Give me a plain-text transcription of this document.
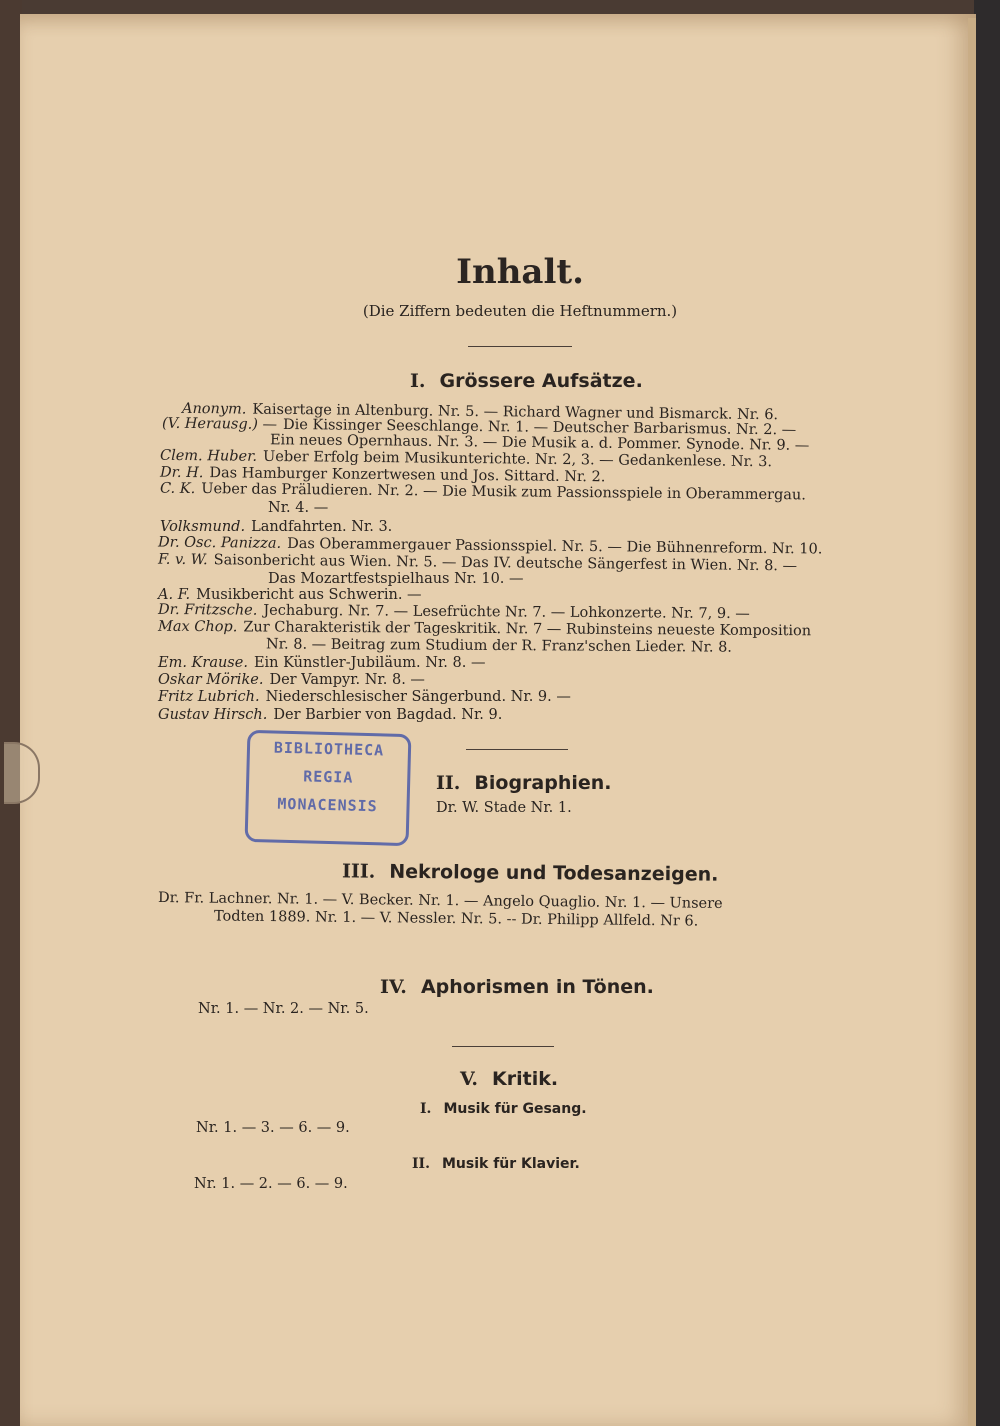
Inhalt.
(Die Ziffern bedeuten die Heftnummern.)
I. Grössere Aufsätze.
Anonym. Kaisertage in Altenburg. Nr. 5. — Richard Wagner und Bismarck. Nr. 6.
(V. Herausg.) — Die Kissinger Seeschlange. Nr. 1. — Deutscher Barbarismus. Nr. 2. —
Ein neues Opernhaus. Nr. 3. — Die Musik a. d. Pommer. Synode. Nr. 9. —
Clem. Huber. Ueber Erfolg beim Musikunterichte. Nr. 2, 3. — Gedankenlese. Nr. 3.
Dr. H. Das Hamburger Konzertwesen und Jos. Sittard. Nr. 2.
C. K. Ueber das Präludieren. Nr. 2. — Die Musik zum Passionsspiele in Oberammergau.
Nr. 4. —
Volksmund. Landfahrten. Nr. 3.
Dr. Osc. Panizza. Das Oberammergauer Passionsspiel. Nr. 5. — Die Bühnenreform. Nr. 10.
F. v. W. Saisonbericht aus Wien. Nr. 5. — Das IV. deutsche Sängerfest in Wien. Nr. 8. —
Das Mozartfestspielhaus Nr. 10. —
A. F. Musikbericht aus Schwerin. —
Dr. Fritzsche. Jechaburg. Nr. 7. — Lesefrüchte Nr. 7. — Lohkonzerte. Nr. 7, 9. —
Max Chop. Zur Charakteristik der Tageskritik. Nr. 7 — Rubinsteins neueste Komposition
Nr. 8. — Beitrag zum Studium der R. Franz'schen Lieder. Nr. 8.
Em. Krause. Ein Künstler-Jubiläum. Nr. 8. —
Oskar Mörike. Der Vampyr. Nr. 8. —
Fritz Lubrich. Niederschlesischer Sängerbund. Nr. 9. —
Gustav Hirsch. Der Barbier von Bagdad. Nr. 9.
BIBLIOTHECA
REGIA
MONACENSIS
II. Biographien.
Dr. W. Stade Nr. 1.
III. Nekrologe und Todesanzeigen.
Dr. Fr. Lachner. Nr. 1. — V. Becker. Nr. 1. — Angelo Quaglio. Nr. 1. — Unsere
Todten 1889. Nr. 1. — V. Nessler. Nr. 5. -- Dr. Philipp Allfeld. Nr 6.
IV. Aphorismen in Tönen.
Nr. 1. — Nr. 2. — Nr. 5.
V. Kritik.
I. Musik für Gesang.
Nr. 1. — 3. — 6. — 9.
II. Musik für Klavier.
Nr. 1. — 2. — 6. — 9.
